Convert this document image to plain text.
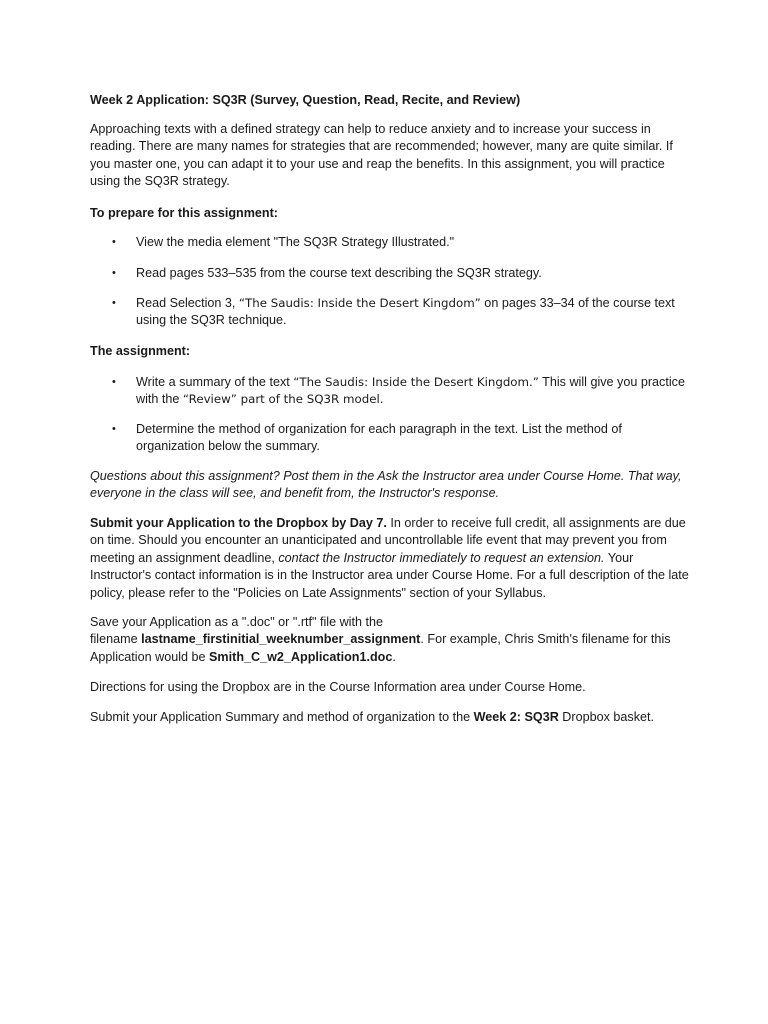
Week 2 Application: SQ3R (Survey, Question, Read, Recite, and Review)

Approaching texts with a defined strategy can help to reduce anxiety and to increase your success in reading. There are many names for strategies that are recommended; however, many are quite similar. If you master one, you can adapt it to your use and reap the benefits. In this assignment, you will practice using the SQ3R strategy.

To prepare for this assignment:

• View the media element "The SQ3R Strategy Illustrated."
• Read pages 533–535 from the course text describing the SQ3R strategy.
• Read Selection 3, “The Saudis: Inside the Desert Kingdom” on pages 33–34 of the course text using the SQ3R technique.

The assignment:

• Write a summary of the text “The Saudis: Inside the Desert Kingdom.” This will give you practice with the “Review” part of the SQ3R model.
• Determine the method of organization for each paragraph in the text. List the method of organization below the summary.

Questions about this assignment? Post them in the Ask the Instructor area under Course Home. That way, everyone in the class will see, and benefit from, the Instructor's response.

Submit your Application to the Dropbox by Day 7. In order to receive full credit, all assignments are due on time. Should you encounter an unanticipated and uncontrollable life event that may prevent you from meeting an assignment deadline, contact the Instructor immediately to request an extension. Your Instructor's contact information is in the Instructor area under Course Home. For a full description of the late policy, please refer to the "Policies on Late Assignments" section of your Syllabus.

Save your Application as a ".doc" or ".rtf" file with the
filename lastname_firstinitial_weeknumber_assignment. For example, Chris Smith's filename for this Application would be Smith_C_w2_Application1.doc.

Directions for using the Dropbox are in the Course Information area under Course Home.

Submit your Application Summary and method of organization to the Week 2: SQ3R Dropbox basket.
